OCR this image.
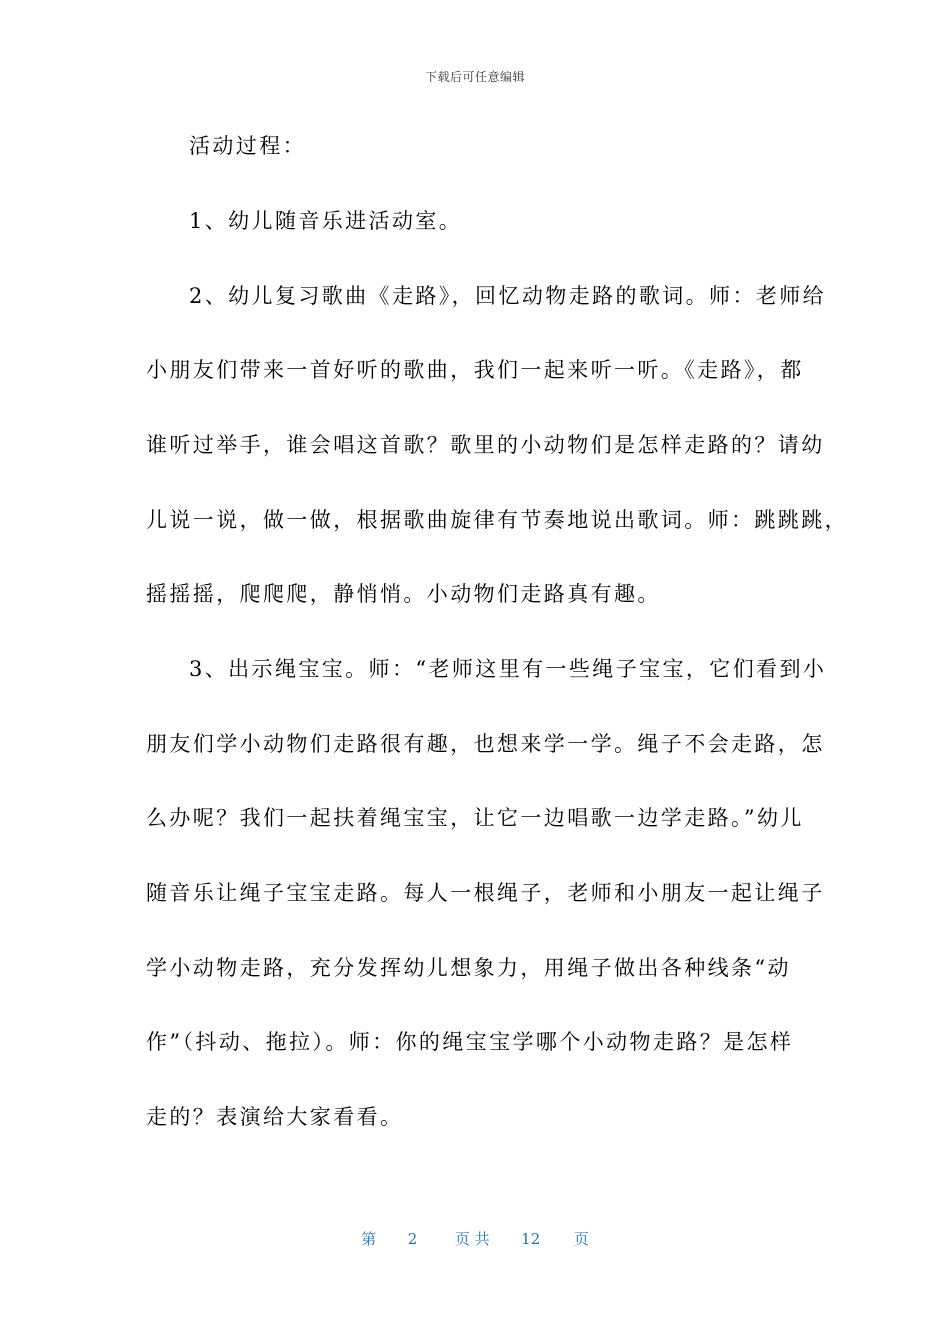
下载后可任意编辑
活动过程：
1、幼儿随音乐进活动室。
2、幼儿复习歌曲《走路》，回忆动物走路的歌词。师：老师给
小朋友们带来一首好听的歌曲，我们一起来听一听。《走路》，都
谁听过举手，谁会唱这首歌？歌里的小动物们是怎样走路的？请幼
儿说一说，做一做，根据歌曲旋律有节奏地说出歌词。师：跳跳跳，
摇摇摇，爬爬爬，静悄悄。小动物们走路真有趣。
3、出示绳宝宝。师：“老师这里有一些绳子宝宝，它们看到小
朋友们学小动物们走路很有趣，也想来学一学。绳子不会走路，怎
么办呢？我们一起扶着绳宝宝，让它一边唱歌一边学走路。”幼儿
随音乐让绳子宝宝走路。每人一根绳子，老师和小朋友一起让绳子
学小动物走路，充分发挥幼儿想象力，用绳子做出各种线条“动
作”（抖动、拖拉）。师：你的绳宝宝学哪个小动物走路？是怎样
走的？表演给大家看看。
第 2	页 共 12 页
